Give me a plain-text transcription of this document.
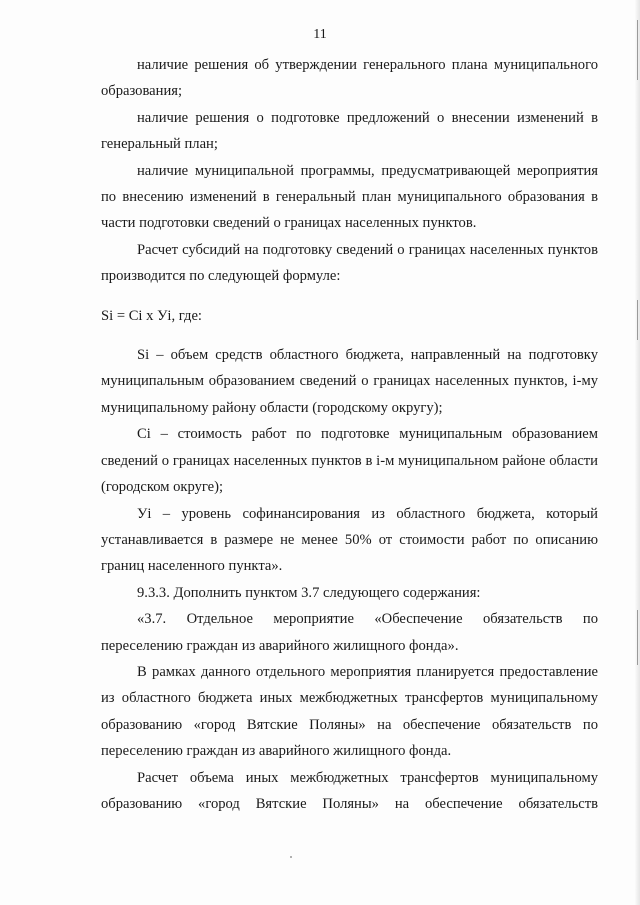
11

наличие решения об утверждении генерального плана муниципального образования;

наличие решения о подготовке предложений о внесении изменений в генеральный план;

наличие муниципальной программы, предусматривающей мероприятия по внесению изменений в генеральный план муниципального образования в части подготовки сведений о границах населенных пунктов.

Расчет субсидий на подготовку сведений о границах населенных пунктов производится по следующей формуле:

Si = Ci x Уi, где:

Si – объем средств областного бюджета, направленный на подготовку муниципальным образованием сведений о границах населенных пунктов, i-му муниципальному району области (городскому округу);

Ci – стоимость работ по подготовке муниципальным образованием сведений о границах населенных пунктов в i-м муниципальном районе области (городском округе);

Уi – уровень софинансирования из областного бюджета, который устанавливается в размере не менее 50% от стоимости работ по описанию границ населенного пункта».

9.3.3. Дополнить пунктом 3.7 следующего содержания:

«3.7. Отдельное мероприятие «Обеспечение обязательств по переселению граждан из аварийного жилищного фонда».

В рамках данного отдельного мероприятия планируется предоставление из областного бюджета иных межбюджетных трансфертов муниципальному образованию «город Вятские Поляны» на обеспечение обязательств по переселению граждан из аварийного жилищного фонда.

Расчет объема иных межбюджетных трансфертов муниципальному образованию «город Вятские Поляны» на обеспечение обязательств
